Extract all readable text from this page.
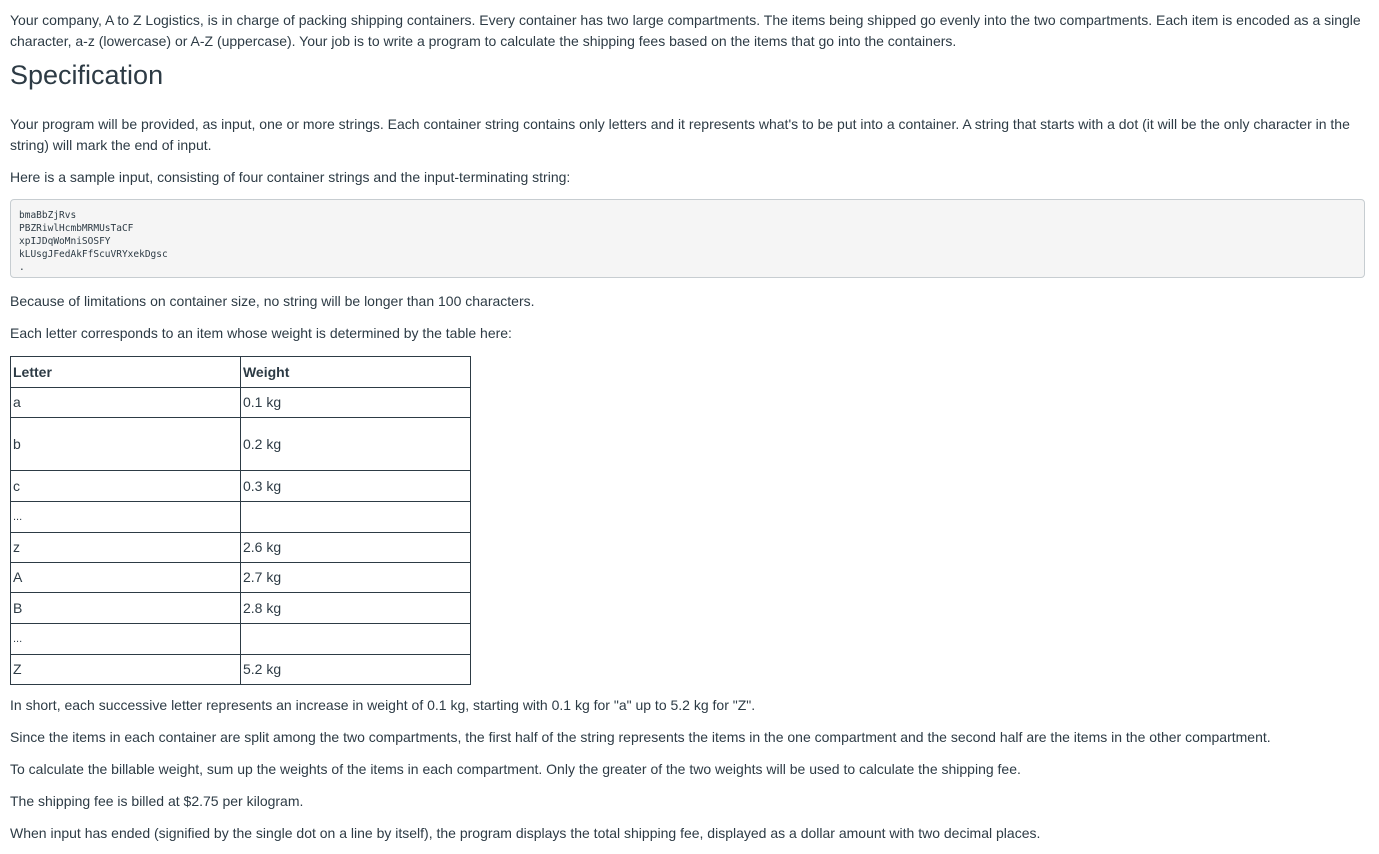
Your company, A to Z Logistics, is in charge of packing shipping containers. Every container has two large compartments. The items being shipped go evenly into the two compartments. Each item is encoded as a single character, a-z (lowercase) or A-Z (uppercase). Your job is to write a program to calculate the shipping fees based on the items that go into the containers.

Specification

Your program will be provided, as input, one or more strings. Each container string contains only letters and it represents what's to be put into a container. A string that starts with a dot (it will be the only character in the string) will mark the end of input.

Here is a sample input, consisting of four container strings and the input-terminating string:

bmaBbZjRvs
PBZRiwlHcmbMRMUsTaCF
xpIJDqWoMniSOSFY
kLUsgJFedAkFfScuVRYxekDgsc
.

Because of limitations on container size, no string will be longer than 100 characters.

Each letter corresponds to an item whose weight is determined by the table here:

Letter	Weight
a	0.1 kg
b	0.2 kg
c	0.3 kg
...	
z	2.6 kg
A	2.7 kg
B	2.8 kg
...	
Z	5.2 kg

In short, each successive letter represents an increase in weight of 0.1 kg, starting with 0.1 kg for "a" up to 5.2 kg for "Z".

Since the items in each container are split among the two compartments, the first half of the string represents the items in the one compartment and the second half are the items in the other compartment.

To calculate the billable weight, sum up the weights of the items in each compartment. Only the greater of the two weights will be used to calculate the shipping fee.

The shipping fee is billed at $2.75 per kilogram.

When input has ended (signified by the single dot on a line by itself), the program displays the total shipping fee, displayed as a dollar amount with two decimal places.
